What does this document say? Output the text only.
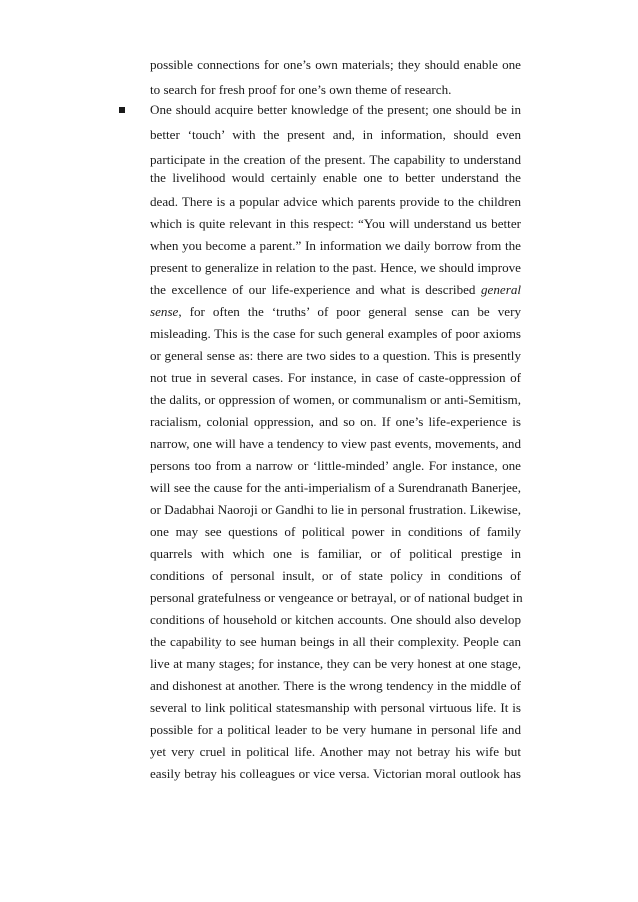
possible connections for one’s own materials; they should enable one
to search for fresh proof for one’s own theme of research.
One should acquire better knowledge of the present; one should be in
better ‘touch’ with the present and, in information, should even
participate in the creation of the present. The capability to understand
the livelihood would certainly enable one to better understand the
dead. There is a popular advice which parents provide to the children
which is quite relevant in this respect: “You will understand us better
when you become a parent.” In information we daily borrow from the
present to generalize in relation to the past. Hence, we should improve
the excellence of our life-experience and what is described general
sense, for often the ‘truths’ of poor general sense can be very
misleading. This is the case for such general examples of poor axioms
or general sense as: there are two sides to a question. This is presently
not true in several cases. For instance, in case of caste-oppression of
the dalits, or oppression of women, or communalism or anti-Semitism,
racialism, colonial oppression, and so on. If one’s life-experience is
narrow, one will have a tendency to view past events, movements, and
persons too from a narrow or ‘little-minded’ angle. For instance, one
will see the cause for the anti-imperialism of a Surendranath Banerjee,
or Dadabhai Naoroji or Gandhi to lie in personal frustration. Likewise,
one may see questions of political power in conditions of family
quarrels with which one is familiar, or of political prestige in
conditions of personal insult, or of state policy in conditions of
personal gratefulness or vengeance or betrayal, or of national budget in
conditions of household or kitchen accounts. One should also develop
the capability to see human beings in all their complexity. People can
live at many stages; for instance, they can be very honest at one stage,
and dishonest at another. There is the wrong tendency in the middle of
several to link political statesmanship with personal virtuous life. It is
possible for a political leader to be very humane in personal life and
yet very cruel in political life. Another may not betray his wife but
easily betray his colleagues or vice versa. Victorian moral outlook has
